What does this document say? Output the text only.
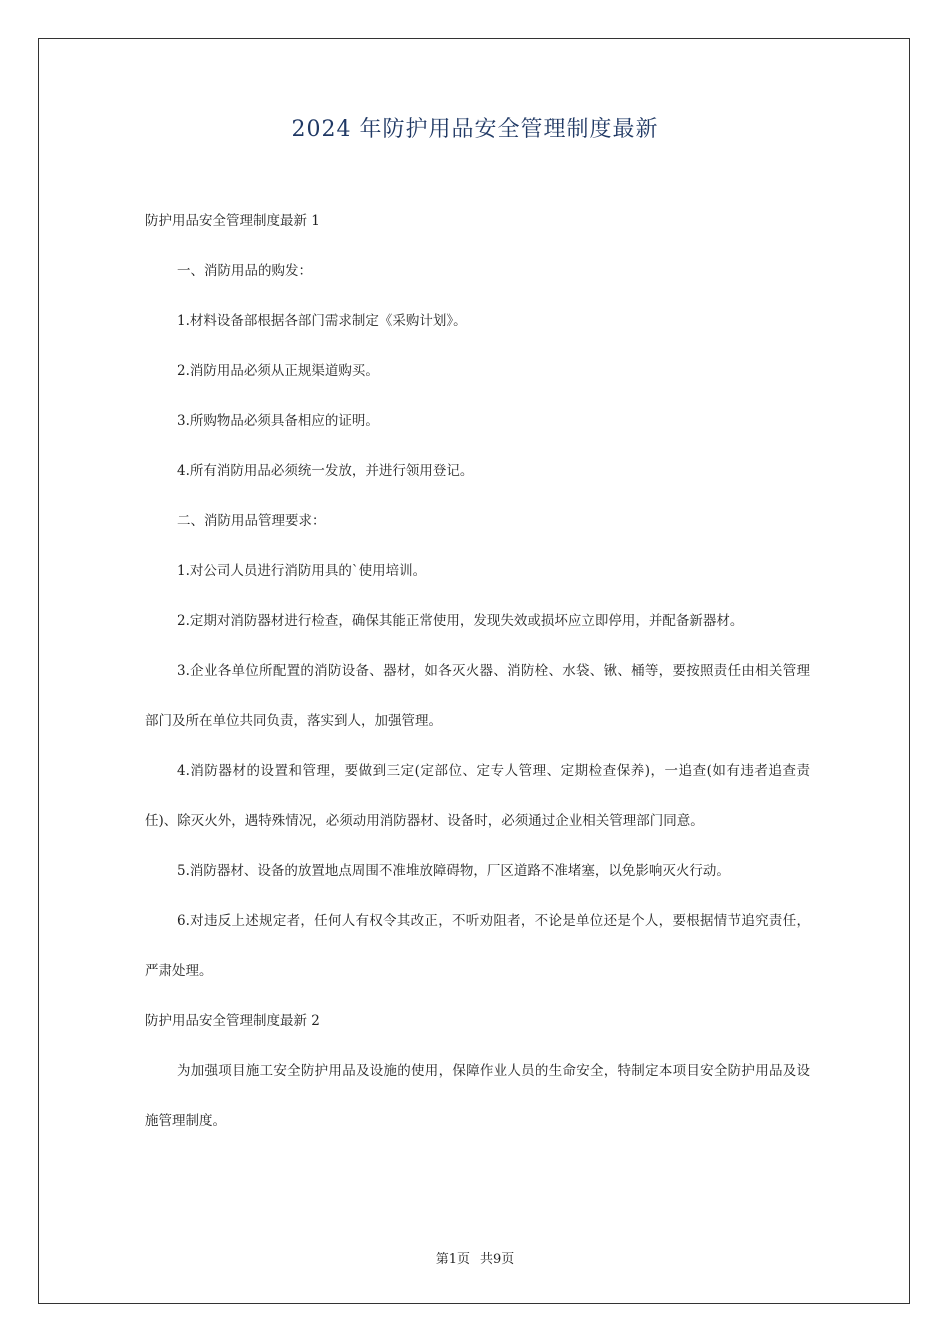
2024 年防护用品安全管理制度最新

防护用品安全管理制度最新 1

一、消防用品的购发：

1.材料设备部根据各部门需求制定《采购计划》。

2.消防用品必须从正规渠道购买。

3.所购物品必须具备相应的证明。

4.所有消防用品必须统一发放，并进行领用登记。

二、消防用品管理要求：

1.对公司人员进行消防用具的`使用培训。

2.定期对消防器材进行检查，确保其能正常使用，发现失效或损坏应立即停用，并配备新器材。

3.企业各单位所配置的消防设备、器材，如各灭火器、消防栓、水袋、锹、桶等，要按照责任由相关管理部门及所在单位共同负责，落实到人，加强管理。

4.消防器材的设置和管理，要做到三定(定部位、定专人管理、定期检查保养)，一追查(如有违者追查责任)、除灭火外，遇特殊情况，必须动用消防器材、设备时，必须通过企业相关管理部门同意。

5.消防器材、设备的放置地点周围不准堆放障碍物，厂区道路不准堵塞，以免影响灭火行动。

6.对违反上述规定者，任何人有权令其改正，不听劝阻者，不论是单位还是个人，要根据情节追究责任，严肃处理。

防护用品安全管理制度最新 2

为加强项目施工安全防护用品及设施的使用，保障作业人员的生命安全，特制定本项目安全防护用品及设施管理制度。

第1页 共9页
